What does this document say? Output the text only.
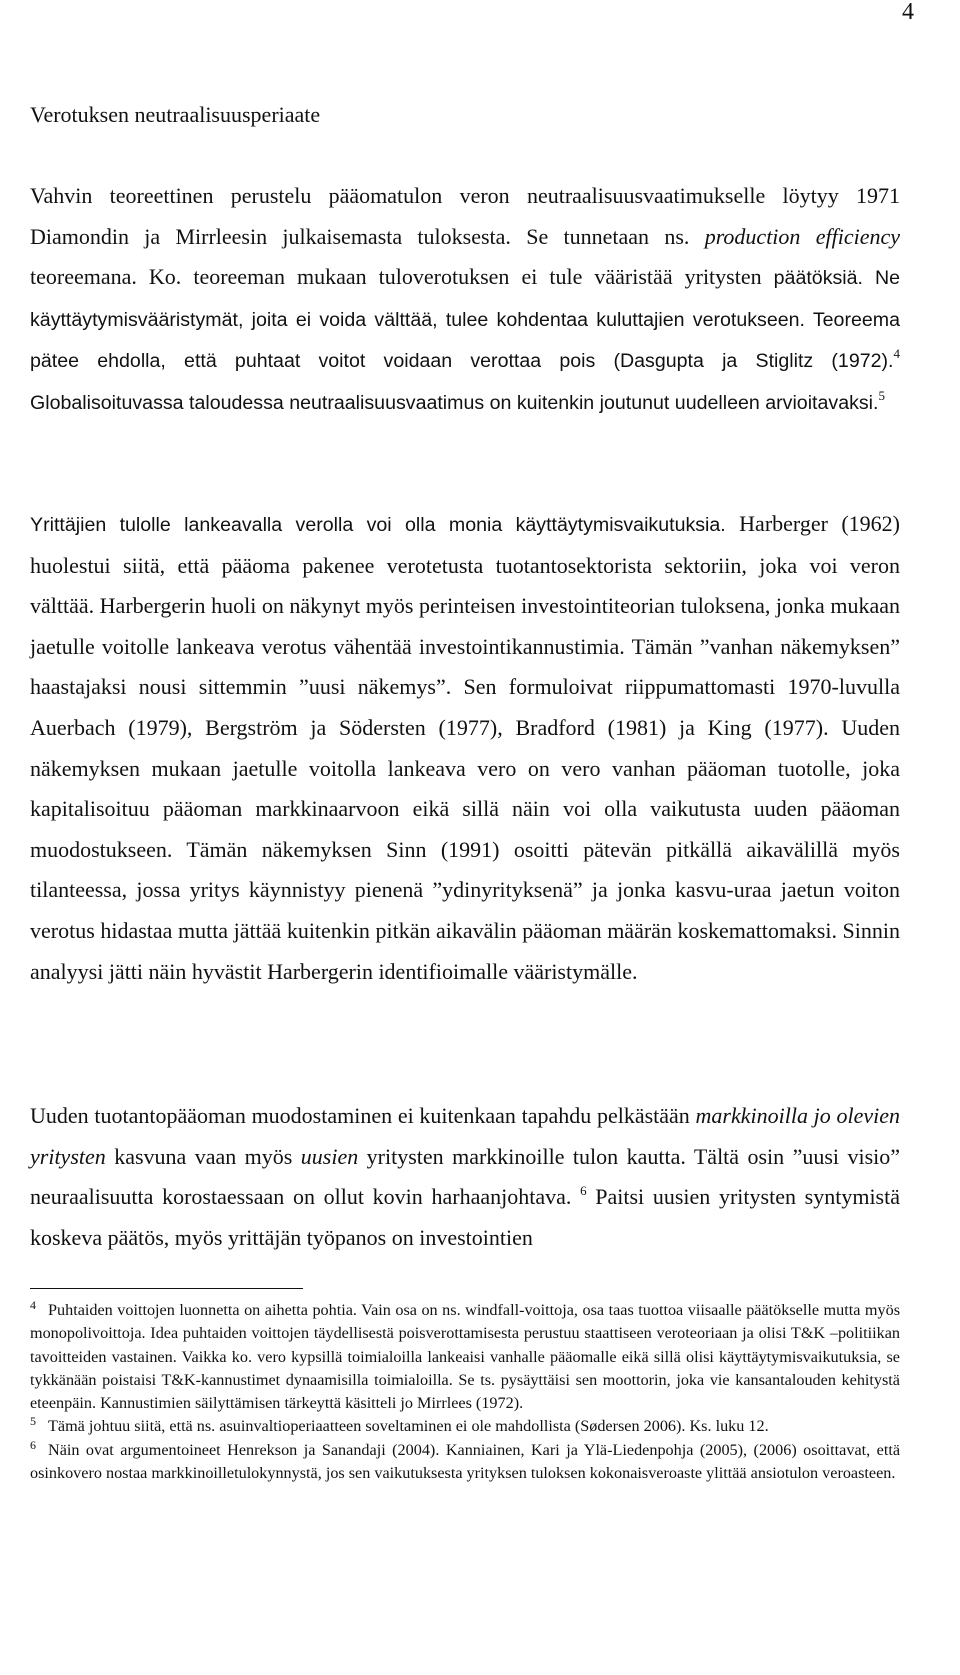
4
Verotuksen neutraalisuusperiaate

Vahvin teoreettinen perustelu pääomatulon veron neutraalisuusvaatimukselle löytyy 1971 Diamondin ja Mirrleesin julkaisemasta tuloksesta. Se tunnetaan ns. production efficiency teoreemana. Ko. teoreeman mukaan tuloverotuksen ei tule vääristää yritysten päätöksiä. Ne käyttäytymisvääristymät, joita ei voida välttää, tulee kohdentaa kuluttajien verotukseen. Teoreema pätee ehdolla, että puhtaat voitot voidaan verottaa pois (Dasgupta ja Stiglitz (1972).$^4$ Globalisoituvassa taloudessa neutraalisuusvaatimus on kuitenkin joutunut uudelleen arvioitavaksi.$^5$

Yrittäjien tulolle lankeavalla verolla voi olla monia käyttäytymisvaikutuksia. Harberger (1962) huolestui siitä, että pääoma pakenee verotetusta tuotantosektorista sektoriin, joka voi veron välttää. Harbergerin huoli on näkynyt myös perinteisen investointiteorian tuloksena, jonka mukaan jaetulle voitolle lankeava verotus vähentää investointikannustimia. Tämän ”vanhan näkemyksen” haastajaksi nousi sittemmin ”uusi näkemys”. Sen formuloivat riippumattomasti 1970-luvulla Auerbach (1979), Bergström ja Södersten (1977), Bradford (1981) ja King (1977). Uuden näkemyksen mukaan jaetulle voitolla lankeava vero on vero vanhan pääoman tuotolle, joka kapitalisoituu pääoman markkinaarvoon eikä sillä näin voi olla vaikutusta uuden pääoman muodostukseen. Tämän näkemyksen Sinn (1991) osoitti pätevän pitkällä aikavälillä myös tilanteessa, jossa yritys käynnistyy pienenä ”ydinyrityksenä” ja jonka kasvu-uraa jaetun voiton verotus hidastaa mutta jättää kuitenkin pitkän aikavälin pääoman määrän koskemattomaksi. Sinnin analyysi jätti näin hyvästit Harbergerin identifioimalle vääristymälle.

Uuden tuotantopääoman muodostaminen ei kuitenkaan tapahdu pelkästään markkinoilla jo olevien yritysten kasvuna vaan myös uusien yritysten markkinoille tulon kautta. Tältä osin ”uusi visio” neuraalisuutta korostaessaan on ollut kovin harhaanjohtava. $^6$ Paitsi uusien yritysten syntymistä koskeva päätös, myös yrittäjän työpanos on investointien

$^4$ Puhtaiden voittojen luonnetta on aihetta pohtia. Vain osa on ns. windfall-voittoja, osa taas tuottoa viisaalle päätökselle mutta myös monopolivoittoja. Idea puhtaiden voittojen täydellisestä poisverottamisesta perustuu staattiseen veroteoriaan ja olisi T&K –politiikan tavoitteiden vastainen. Vaikka ko. vero kypsillä toimialoilla lankeaisi vanhalle pääomalle eikä sillä olisi käyttäytymisvaikutuksia, se tykkänään poistaisi T&K-kannustimet dynaamisilla toimialoilla. Se ts. pysäyttäisi sen moottorin, joka vie kansantalouden kehitystä eteenpäin. Kannustimien säilyttämisen tärkeyttä käsitteli jo Mirrlees (1972).

$^5$ Tämä johtuu siitä, että ns. asuinvaltioperiaatteen soveltaminen ei ole mahdollista (Sødersen 2006). Ks. luku 12.

$^6$ Näin ovat argumentoineet Henrekson ja Sanandaji (2004). Kanniainen, Kari ja Ylä-Liedenpohja (2005), (2006) osoittavat, että osinkovero nostaa markkinoilletulokynnystä, jos sen vaikutuksesta yrityksen tuloksen kokonaisveroaste ylittää ansiotulon veroasteen.
